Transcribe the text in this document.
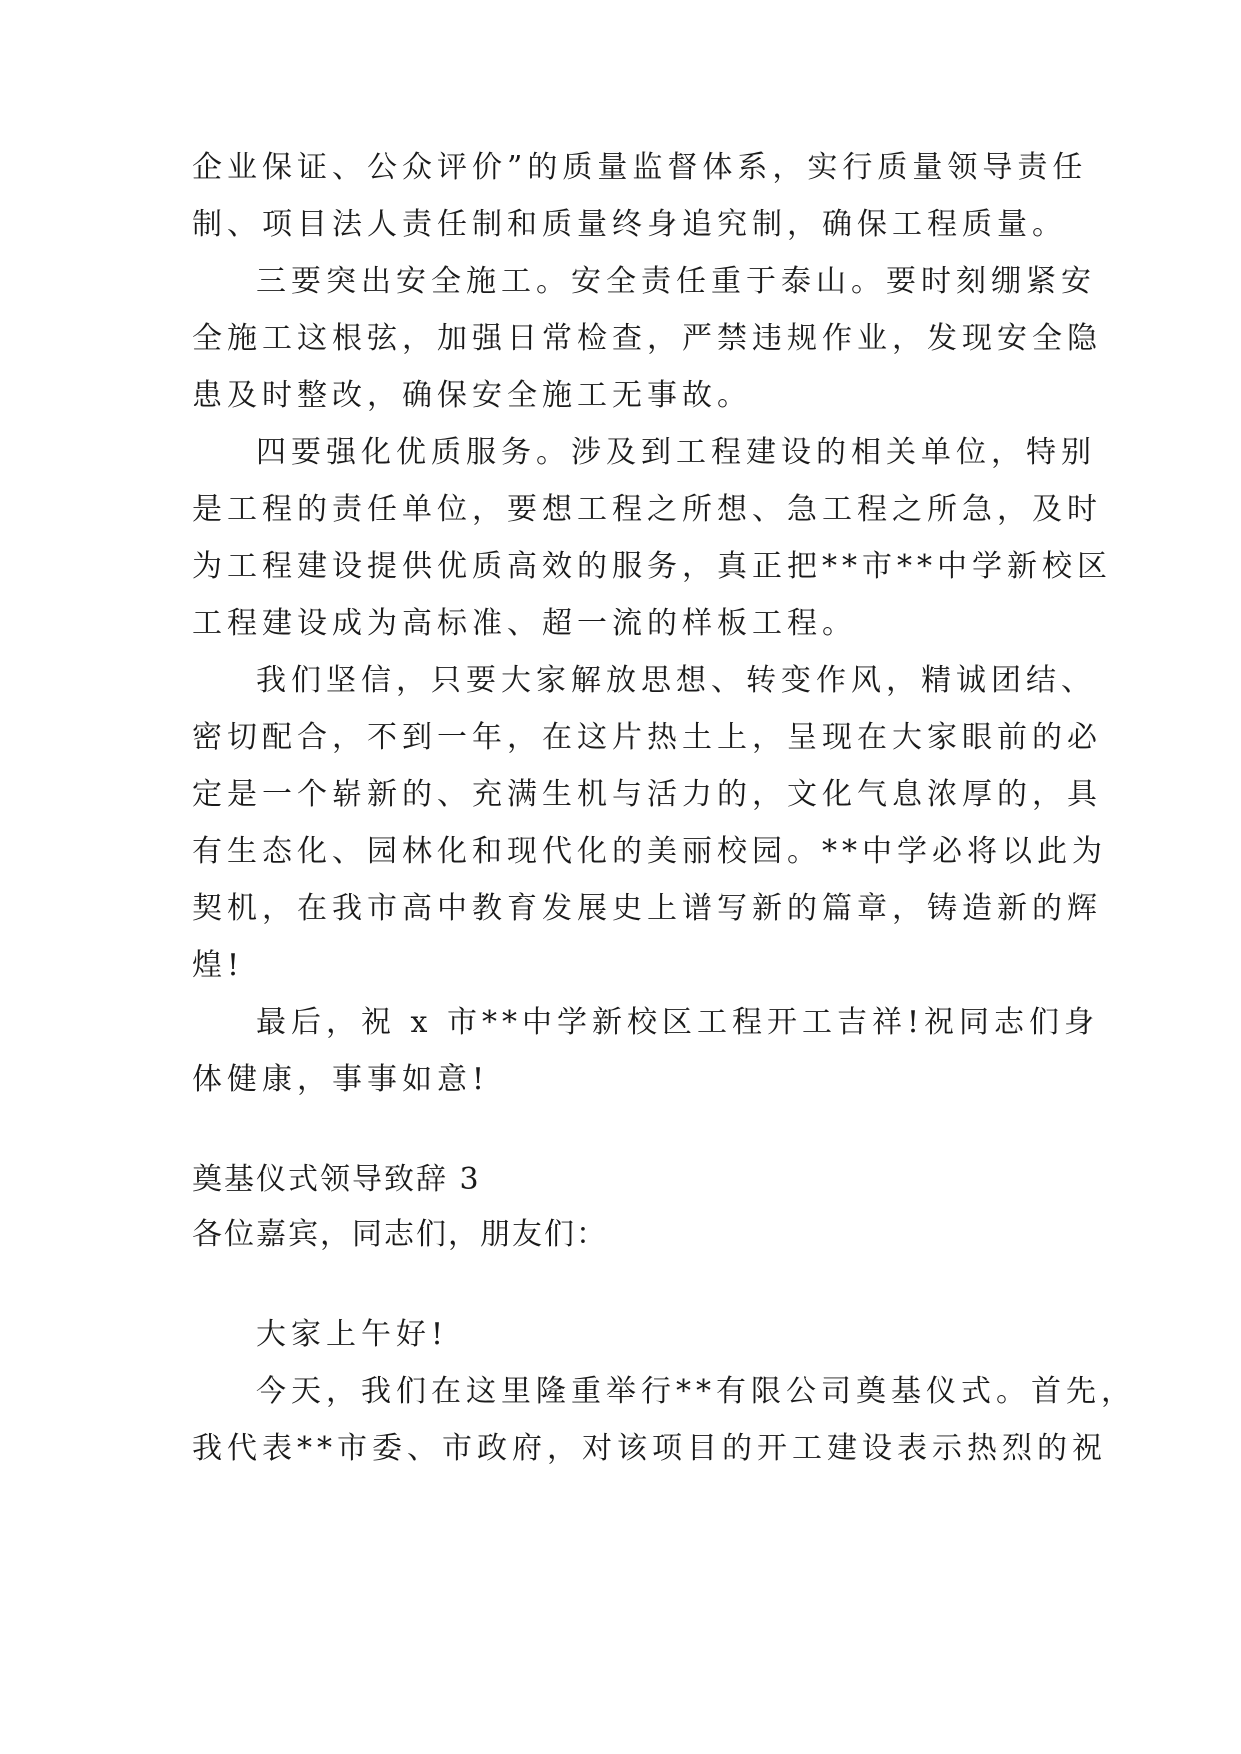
企业保证、公众评价”的质量监督体系，实行质量领导责任
制、项目法人责任制和质量终身追究制，确保工程质量。
三要突出安全施工。安全责任重于泰山。要时刻绷紧安
全施工这根弦，加强日常检查，严禁违规作业，发现安全隐
患及时整改，确保安全施工无事故。
四要强化优质服务。涉及到工程建设的相关单位，特别
是工程的责任单位，要想工程之所想、急工程之所急，及时
为工程建设提供优质高效的服务，真正把**市**中学新校区
工程建设成为高标准、超一流的样板工程。
我们坚信，只要大家解放思想、转变作风，精诚团结、
密切配合，不到一年，在这片热土上，呈现在大家眼前的必
定是一个崭新的、充满生机与活力的，文化气息浓厚的，具
有生态化、园林化和现代化的美丽校园。**中学必将以此为
契机，在我市高中教育发展史上谱写新的篇章，铸造新的辉
煌!
最后，祝 x 市**中学新校区工程开工吉祥!祝同志们身
体健康，事事如意!
奠基仪式领导致辞 3
各位嘉宾，同志们，朋友们：
大家上午好!
今天，我们在这里隆重举行**有限公司奠基仪式。首先，
我代表**市委、市政府，对该项目的开工建设表示热烈的祝
